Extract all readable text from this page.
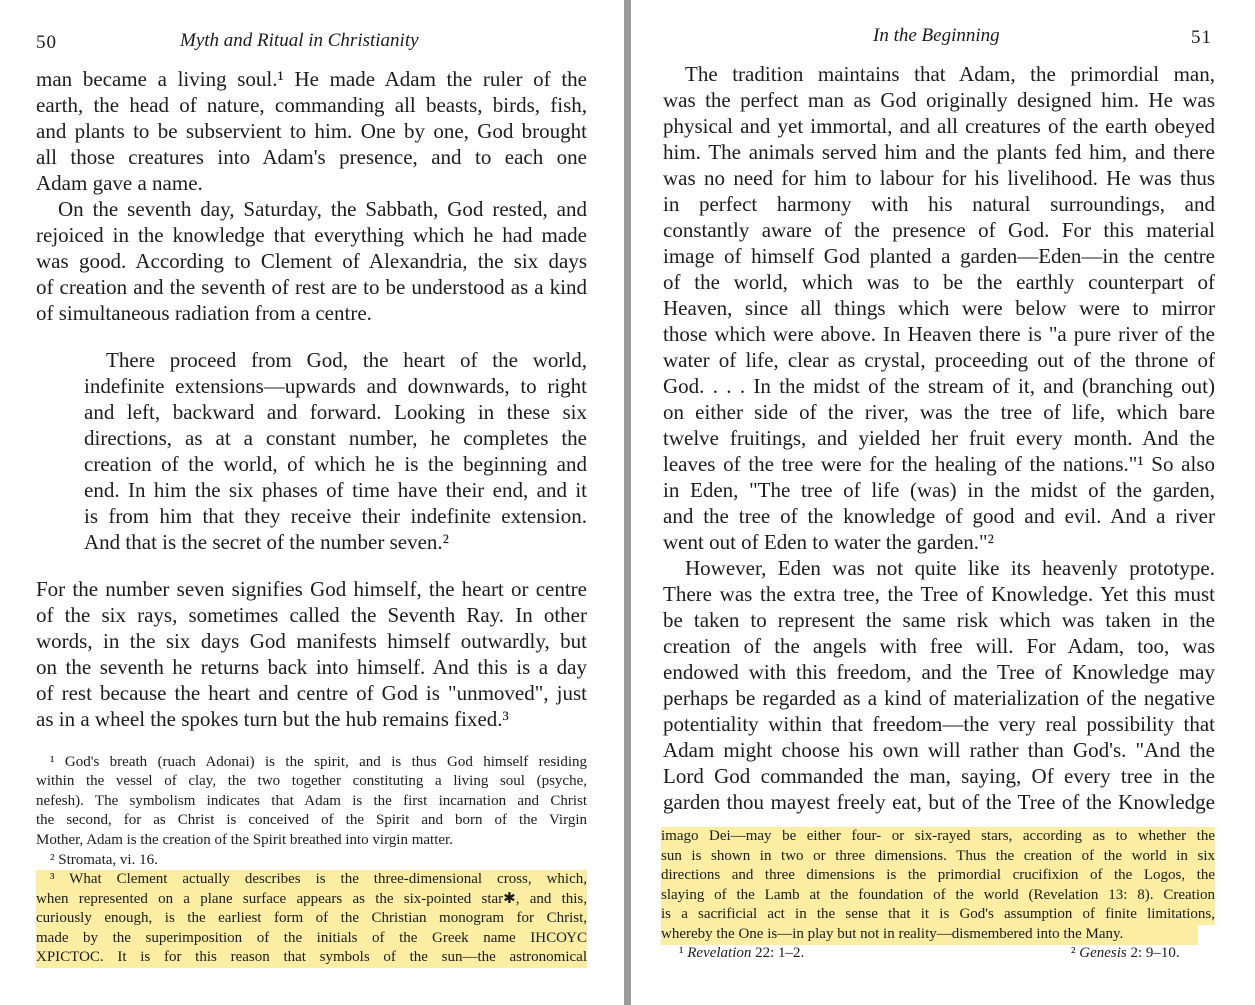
50	Myth and Ritual in Christianity
man became a living soul.¹ He made Adam the ruler of the
earth, the head of nature, commanding all beasts, birds, fish,
and plants to be subservient to him. One by one, God brought
all those creatures into Adam's presence, and to each one
Adam gave a name.
On the seventh day, Saturday, the Sabbath, God rested, and
rejoiced in the knowledge that everything which he had made
was good. According to Clement of Alexandria, the six days
of creation and the seventh of rest are to be understood as a kind
of simultaneous radiation from a centre.
There proceed from God, the heart of the world,
indefinite extensions—upwards and downwards, to right
and left, backward and forward. Looking in these six
directions, as at a constant number, he completes the
creation of the world, of which he is the beginning and
end. In him the six phases of time have their end, and it
is from him that they receive their indefinite extension.
And that is the secret of the number seven.²
For the number seven signifies God himself, the heart or centre
of the six rays, sometimes called the Seventh Ray. In other
words, in the six days God manifests himself outwardly, but
on the seventh he returns back into himself. And this is a day
of rest because the heart and centre of God is "unmoved", just
as in a wheel the spokes turn but the hub remains fixed.³
¹ God's breath (ruach Adonai) is the spirit, and is thus God himself residing
within the vessel of clay, the two together constituting a living soul (psyche,
nefesh). The symbolism indicates that Adam is the first incarnation and Christ
the second, for as Christ is conceived of the Spirit and born of the Virgin
Mother, Adam is the creation of the Spirit breathed into virgin matter.
² Stromata, vi. 16.
³ What Clement actually describes is the three-dimensional cross, which,
when represented on a plane surface appears as the six-pointed star✱, and this,
curiously enough, is the earliest form of the Christian monogram for Christ,
made by the superimposition of the initials of the Greek name ΙΗϹΟΥϹ
ΧΡΙϹΤΟϹ. It is for this reason that symbols of the sun—the astronomical
In the Beginning	51
The tradition maintains that Adam, the primordial man,
was the perfect man as God originally designed him. He was
physical and yet immortal, and all creatures of the earth obeyed
him. The animals served him and the plants fed him, and there
was no need for him to labour for his livelihood. He was thus
in perfect harmony with his natural surroundings, and
constantly aware of the presence of God. For this material
image of himself God planted a garden—Eden—in the centre
of the world, which was to be the earthly counterpart of
Heaven, since all things which were below were to mirror
those which were above. In Heaven there is "a pure river of the
water of life, clear as crystal, proceeding out of the throne of
God. . . . In the midst of the stream of it, and (branching out)
on either side of the river, was the tree of life, which bare
twelve fruitings, and yielded her fruit every month. And the
leaves of the tree were for the healing of the nations."¹ So also
in Eden, "The tree of life (was) in the midst of the garden,
and the tree of the knowledge of good and evil. And a river
went out of Eden to water the garden."²
However, Eden was not quite like its heavenly prototype.
There was the extra tree, the Tree of Knowledge. Yet this must
be taken to represent the same risk which was taken in the
creation of the angels with free will. For Adam, too, was
endowed with this freedom, and the Tree of Knowledge may
perhaps be regarded as a kind of materialization of the negative
potentiality within that freedom—the very real possibility that
Adam might choose his own will rather than God's. "And the
Lord God commanded the man, saying, Of every tree in the
garden thou mayest freely eat, but of the Tree of the Knowledge
imago Dei—may be either four- or six-rayed stars, according as to whether the
sun is shown in two or three dimensions. Thus the creation of the world in six
directions and three dimensions is the primordial crucifixion of the Logos, the
slaying of the Lamb at the foundation of the world (Revelation 13: 8). Creation
is a sacrificial act in the sense that it is God's assumption of finite limitations,
whereby the One is—in play but not in reality—dismembered into the Many.
¹ Revelation 22: 1–2.	² Genesis 2: 9–10.
